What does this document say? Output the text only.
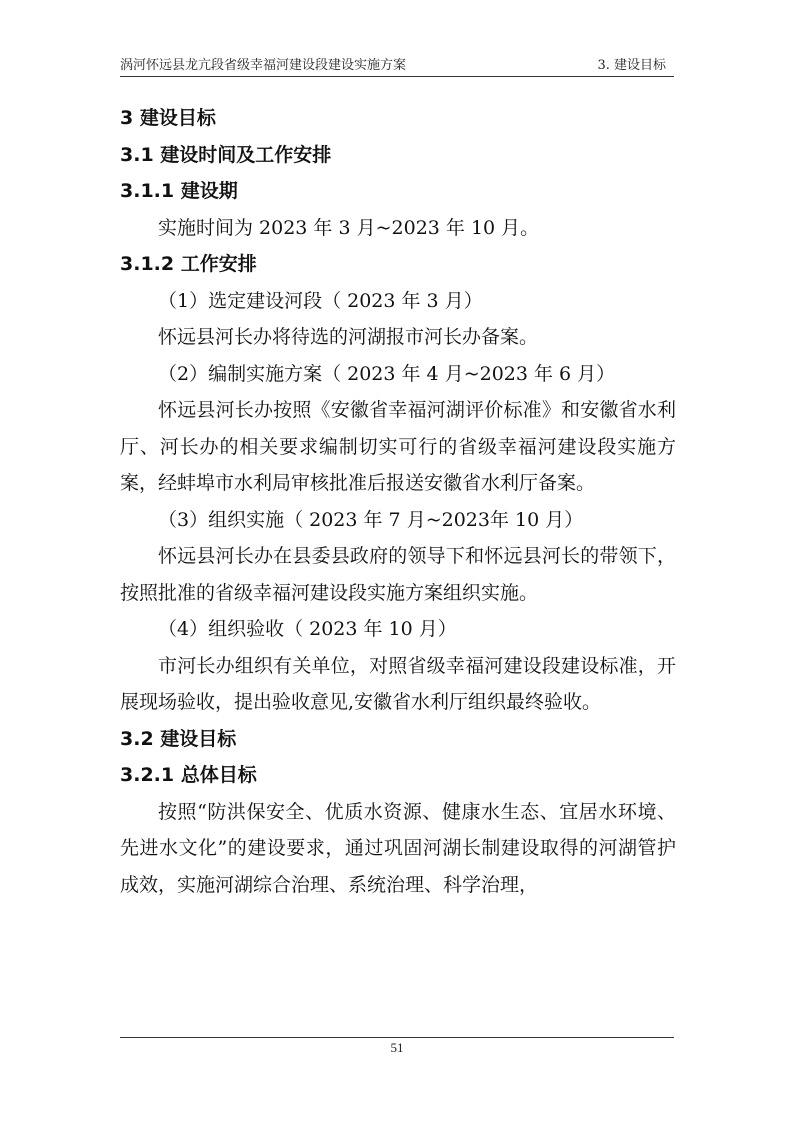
涡河怀远县龙亢段省级幸福河建设段建设实施方案	3. 建设目标

3 建设目标

3.1 建设时间及工作安排

3.1.1 建设期

实施时间为 2023 年 3 月~2023 年 10 月。

3.1.2 工作安排

（1）选定建设河段（ 2023 年 3 月）

怀远县河长办将待选的河湖报市河长办备案。

（2）编制实施方案（ 2023 年 4 月~2023 年 6 月）

怀远县河长办按照《安徽省幸福河湖评价标准》和安徽省水利厅、河长办的相关要求编制切实可行的省级幸福河建设段实施方案，经蚌埠市水利局审核批准后报送安徽省水利厅备案。

（3）组织实施（ 2023 年 7 月~2023年 10 月）

怀远县河长办在县委县政府的领导下和怀远县河长的带领下，按照批准的省级幸福河建设段实施方案组织实施。

（4）组织验收（ 2023 年 10 月）

市河长办组织有关单位，对照省级幸福河建设段建设标准，开展现场验收，提出验收意见,安徽省水利厅组织最终验收。

3.2 建设目标

3.2.1 总体目标

按照“防洪保安全、优质水资源、健康水生态、宜居水环境、先进水文化”的建设要求，通过巩固河湖长制建设取得的河湖管护成效，实施河湖综合治理、系统治理、科学治理，

51
